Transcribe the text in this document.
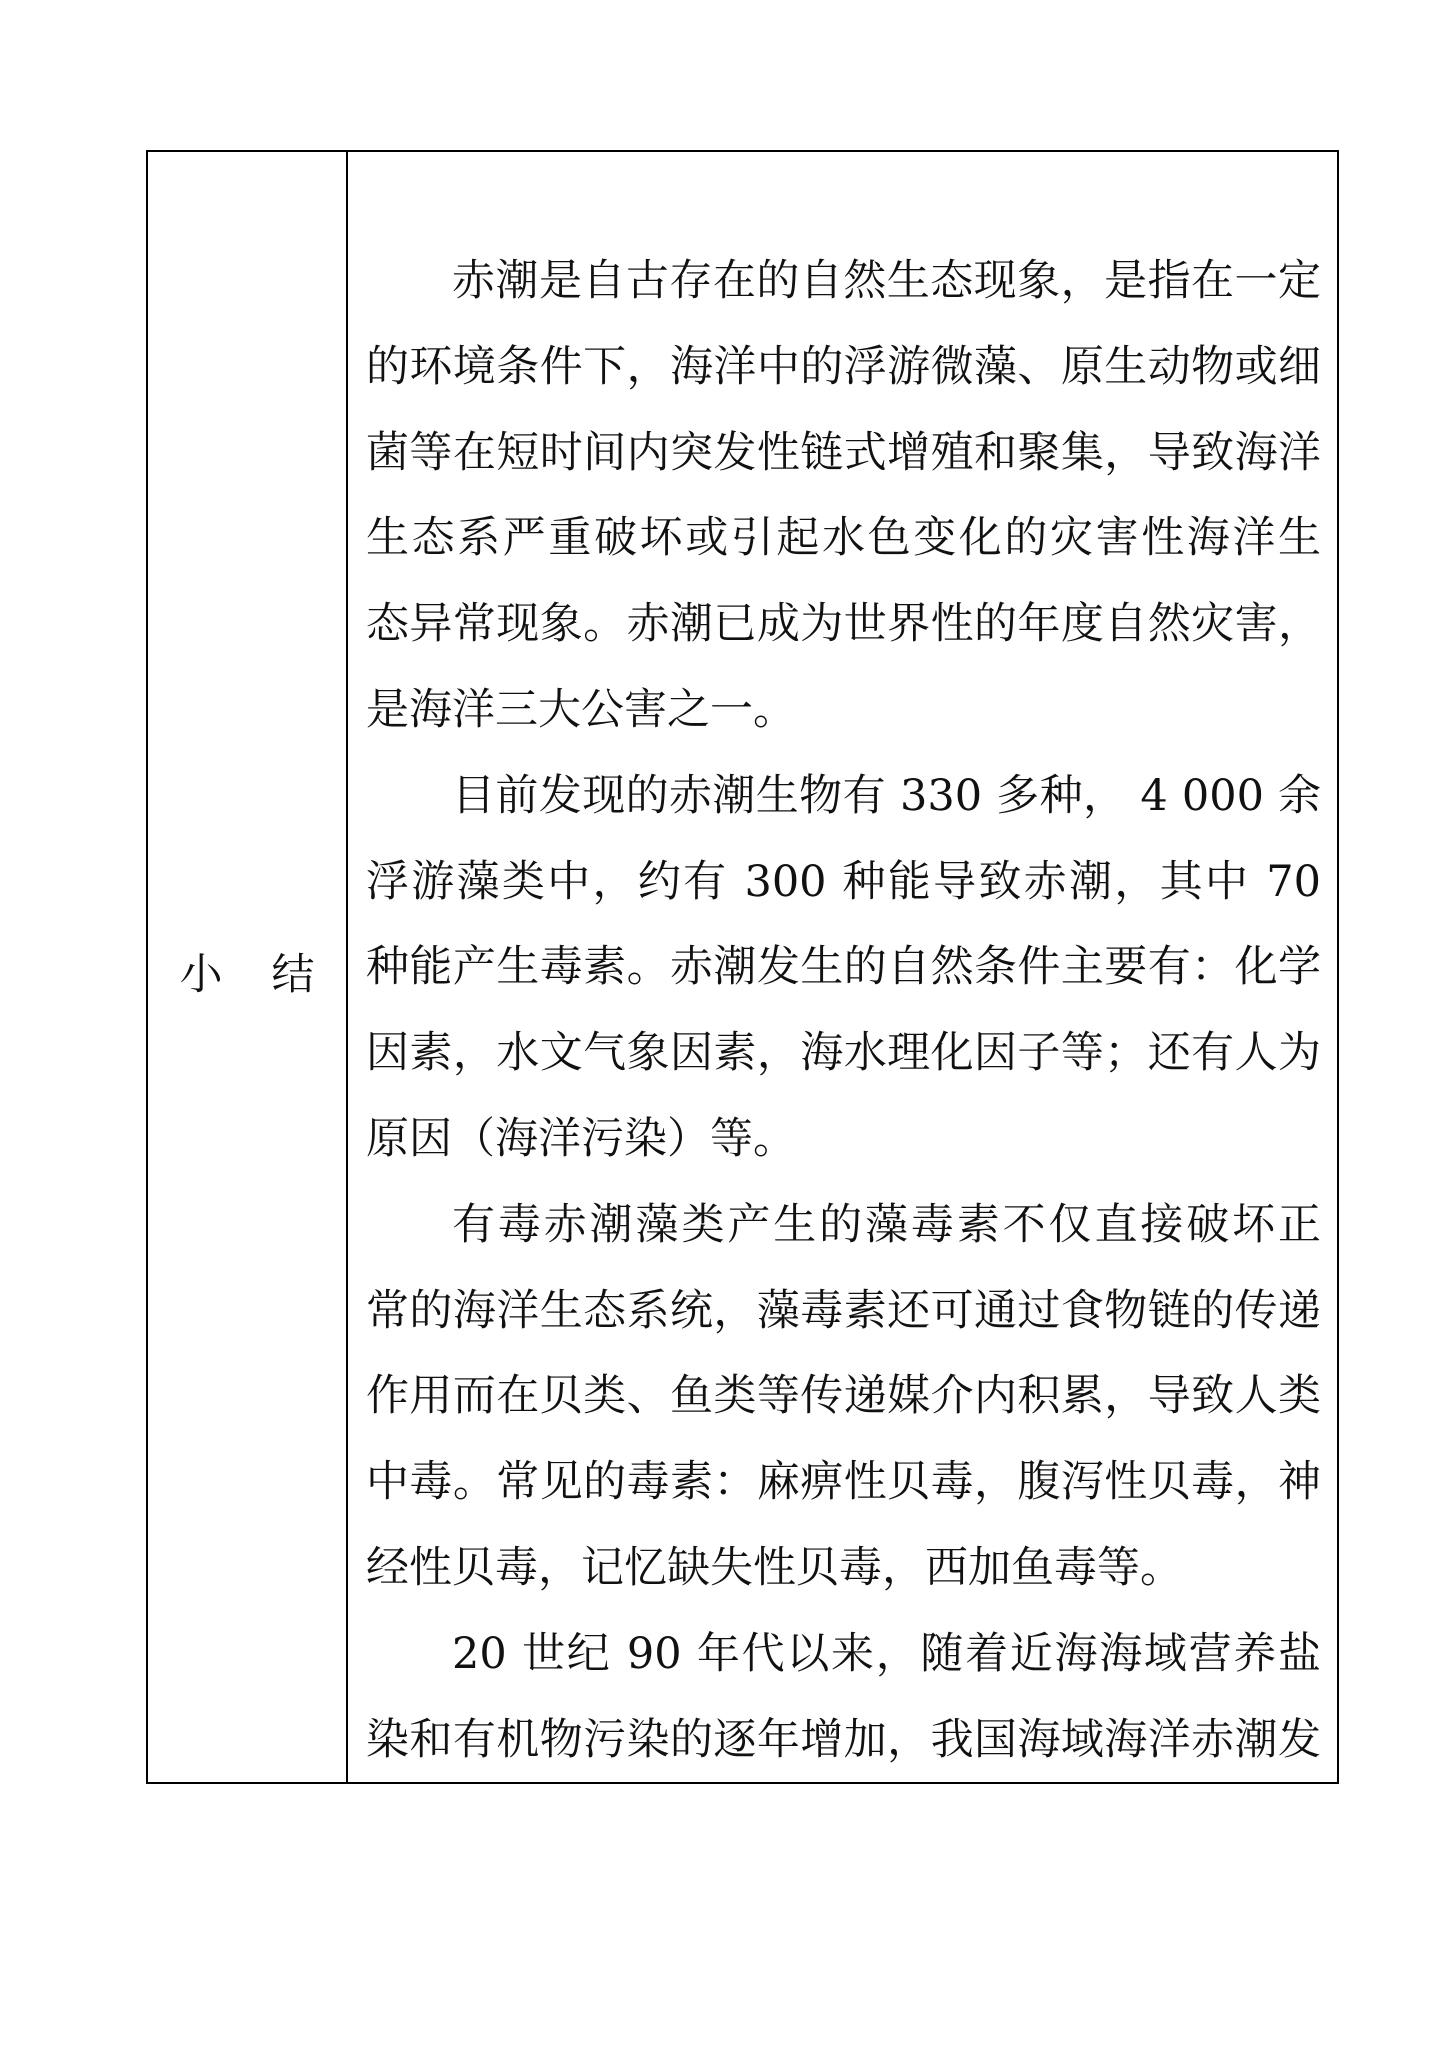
小结
赤潮是自古存在的自然生态现象，是指在一定
的环境条件下，海洋中的浮游微藻、原生动物或细
菌等在短时间内突发性链式增殖和聚集，导致海洋
生态系严重破坏或引起水色变化的灾害性海洋生
态异常现象。赤潮已成为世界性的年度自然灾害，
是海洋三大公害之一。
目前发现的赤潮生物有 330 多种， 4 000 余
浮游藻类中，约有 300 种能导致赤潮，其中 70
种能产生毒素。赤潮发生的自然条件主要有：化学
因素，水文气象因素，海水理化因子等；还有人为
原因（海洋污染）等。
有毒赤潮藻类产生的藻毒素不仅直接破坏正
常的海洋生态系统，藻毒素还可通过食物链的传递
作用而在贝类、鱼类等传递媒介内积累，导致人类
中毒。常见的毒素：麻痹性贝毒，腹泻性贝毒，神
经性贝毒，记忆缺失性贝毒，西加鱼毒等。
20 世纪 90 年代以来，随着近海海域营养盐
染和有机物污染的逐年增加，我国海域海洋赤潮发
